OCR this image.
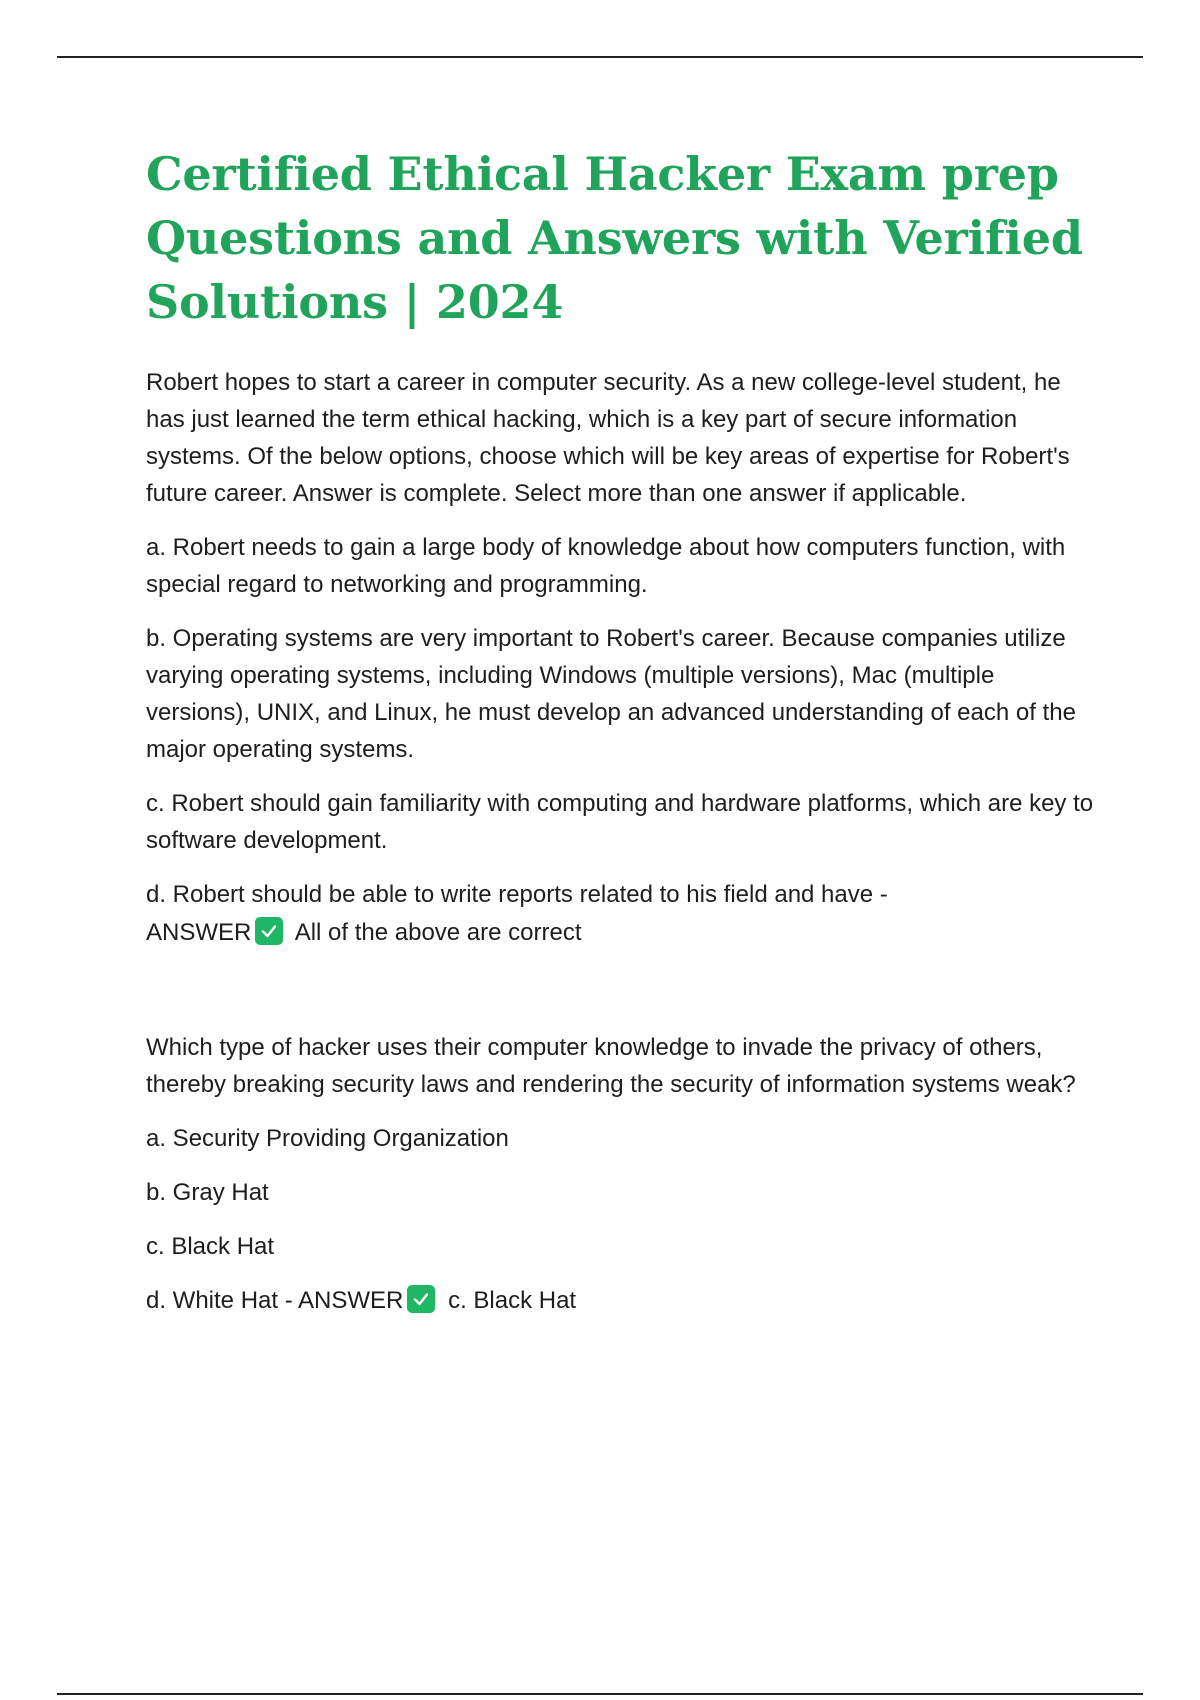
Certified Ethical Hacker Exam prep Questions and Answers with Verified Solutions | 2024

Robert hopes to start a career in computer security. As a new college-level student, he has just learned the term ethical hacking, which is a key part of secure information systems. Of the below options, choose which will be key areas of expertise for Robert's future career. Answer is complete. Select more than one answer if applicable.

a. Robert needs to gain a large body of knowledge about how computers function, with special regard to networking and programming.

b. Operating systems are very important to Robert's career. Because companies utilize varying operating systems, including Windows (multiple versions), Mac (multiple versions), UNIX, and Linux, he must develop an advanced understanding of each of the major operating systems.

c. Robert should gain familiarity with computing and hardware platforms, which are key to software development.

d. Robert should be able to write reports related to his field and have -
ANSWER All of the above are correct

Which type of hacker uses their computer knowledge to invade the privacy of others, thereby breaking security laws and rendering the security of information systems weak?

a. Security Providing Organization

b. Gray Hat

c. Black Hat

d. White Hat - ANSWER c. Black Hat
